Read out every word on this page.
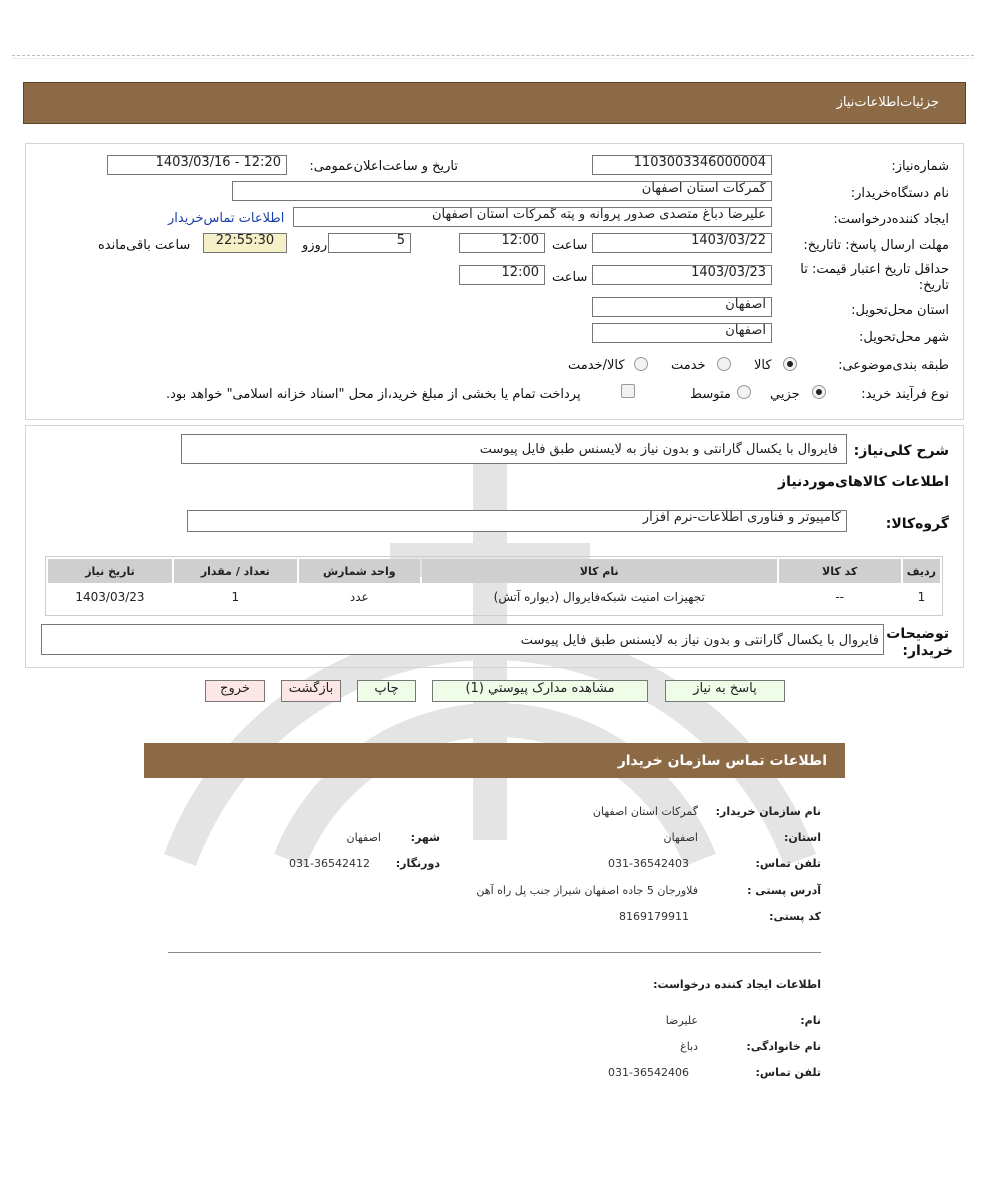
جزئیات‌اطلاعات‌نیاز
شماره‌نیاز:
1103003346000004
تاریخ و ساعت‌اعلان‌عمومی:
1403/03/16 - 12:20
نام دستگاه‌خریدار:
گمرکات استان اصفهان
ایجاد کننده‌درخواست:
علیرضا دباغ متصدی صدور پروانه و پته گمرکات استان اصفهان
اطلاعات تماس‌خریدار
مهلت ارسال پاسخ: تاتاریخ:
1403/03/22
ساعت
12:00
5
روزو
22:55:30
ساعت باقی‌مانده
حداقل تاریخ اعتبار قیمت: تا تاریخ:
1403/03/23
ساعت
12:00
استان محل‌تحویل:
اصفهان
شهر محل‌تحویل:
اصفهان
طبقه بندی‌موضوعی:
کالا
خدمت
کالا/خدمت
نوع فرآیند خرید:
جزیي
متوسط
پرداخت تمام یا بخشی از مبلغ خرید،از محل "اسناد خزانه اسلامی" خواهد بود.
شرح کلی‌نیاز:
فایروال با یکسال گارانتی و بدون نیاز به لایسنس طبق فایل پیوست
اطلاعات کالاهای‌موردنیاز
گروه‌کالا:
کامپیوتر و فناوری اطلاعات-نرم افزار
ردیف	کد کالا	نام کالا	واحد شمارش	تعداد / مقدار	تاریخ نیاز
1	--	تجهیزات امنیت شبکه‌فایروال (دیواره آتش)	عدد	1	1403/03/23
توضیحات
خریدار:
فایروال با یکسال گارانتی و بدون نیاز به لایسنس طبق فایل پیوست
پاسخ به نیاز
مشاهده مدارک پیوستي (1)
چاپ
بازگشت
خروج
اطلاعات تماس سازمان خریدار
نام سازمان خریدار:
گمرکات استان اصفهان
استان:
اصفهان
شهر:
اصفهان
تلفن تماس:
031-36542403
دورنگار:
031-36542412
آدرس پستی :
فلاورجان 5 جاده اصفهان شیراز جنب پل راه آهن
کد پستی:
8169179911
اطلاعات ایجاد کننده درخواست:
نام:
علیرضا
نام خانوادگی:
دباغ
تلفن تماس:
031-36542406
